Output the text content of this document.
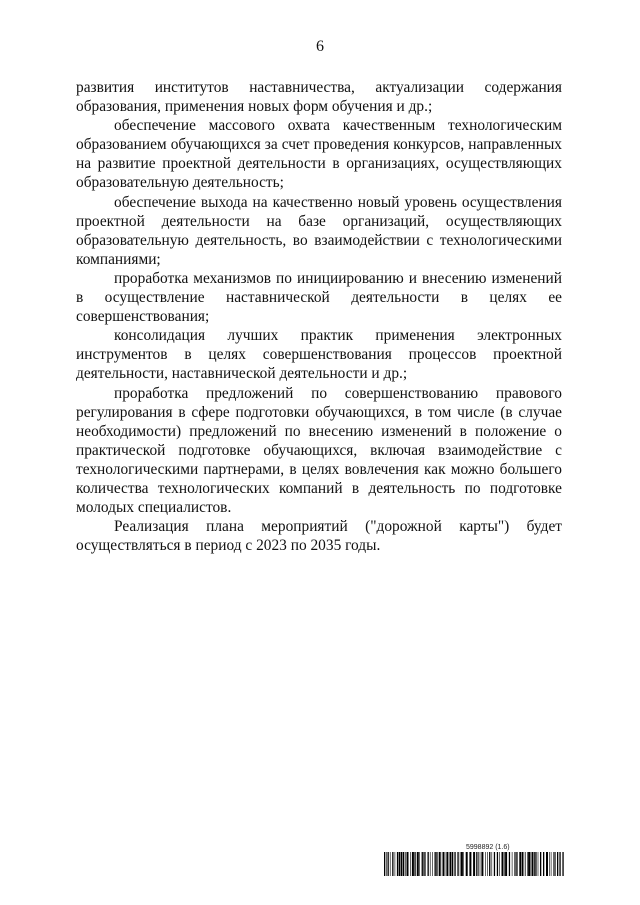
6

развития институтов наставничества, актуализации содержания образования, применения новых форм обучения и др.;

обеспечение массового охвата качественным технологическим образованием обучающихся за счет проведения конкурсов, направленных на развитие проектной деятельности в организациях, осуществляющих образовательную деятельность;

обеспечение выхода на качественно новый уровень осуществления проектной деятельности на базе организаций, осуществляющих образовательную деятельность, во взаимодействии с технологическими компаниями;

проработка механизмов по инициированию и внесению изменений в осуществление наставнической деятельности в целях ее совершенствования;

консолидация лучших практик применения электронных инструментов в целях совершенствования процессов проектной деятельности, наставнической деятельности и др.;

проработка предложений по совершенствованию правового регулирования в сфере подготовки обучающихся, в том числе (в случае необходимости) предложений по внесению изменений в положение о практической подготовке обучающихся, включая взаимодействие с технологическими партнерами, в целях вовлечения как можно большего количества технологических компаний в деятельность по подготовке молодых специалистов.

Реализация плана мероприятий ("дорожной карты") будет осуществляться в период с 2023 по 2035 годы.

5998892 (1.6)
